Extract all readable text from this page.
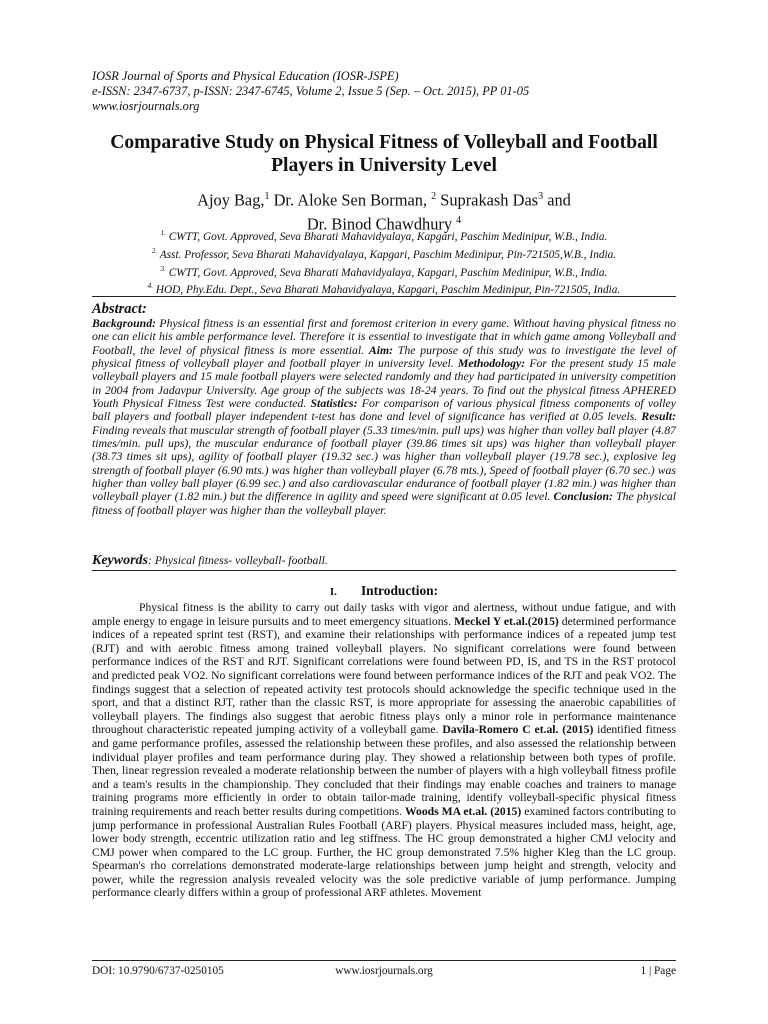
IOSR Journal of Sports and Physical Education (IOSR-JSPE)
e-ISSN: 2347-6737, p-ISSN: 2347-6745, Volume 2, Issue 5 (Sep. – Oct. 2015), PP 01-05
www.iosrjournals.org
Comparative Study on Physical Fitness of Volleyball and Football Players in University Level
Ajoy Bag,$^1$ Dr. Aloke Sen Borman, $^2$ Suprakash Das$^3$ and
Dr. Binod Chawdhury $^4$
$^{1.}$ CWTT, Govt. Approved, Seva Bharati Mahavidyalaya, Kapgari, Paschim Medinipur, W.B., India.
$^{2.}$ Asst. Professor, Seva Bharati Mahavidyalaya, Kapgari, Paschim Medinipur, Pin-721505,W.B., India.
$^{3.}$ CWTT, Govt. Approved, Seva Bharati Mahavidyalaya, Kapgari, Paschim Medinipur, W.B., India.
$^{4.}$ HOD, Phy.Edu. Dept., Seva Bharati Mahavidyalaya, Kapgari, Paschim Medinipur, Pin-721505, India.
Abstract:
Background: Physical fitness is an essential first and foremost criterion in every game. Without having physical fitness no one can elicit his amble performance level. Therefore it is essential to investigate that in which game among Volleyball and Football, the level of physical fitness is more essential. Aim: The purpose of this study was to investigate the level of physical fitness of volleyball player and football player in university level. Methodology: For the present study 15 male volleyball players and 15 male football players were selected randomly and they had participated in university competition in 2004 from Jadavpur University. Age group of the subjects was 18-24 years. To find out the physical fitness APHERED Youth Physical Fitness Test were conducted. Statistics: For comparison of various physical fitness components of volley ball players and football player independent t-test has done and level of significance has verified at 0.05 levels. Result: Finding reveals that muscular strength of football player (5.33 times/min. pull ups) was higher than volley ball player (4.87 times/min. pull ups), the muscular endurance of football player (39.86 times sit ups) was higher than volleyball player (38.73 times sit ups), agility of football player (19.32 sec.) was higher than volleyball player (19.78 sec.), explosive leg strength of football player (6.90 mts.) was higher than volleyball player (6.78 mts.), Speed of football player (6.70 sec.) was higher than volley ball player (6.99 sec.) and also cardiovascular endurance of football player (1.82 min.) was higher than volleyball player (1.82 min.) but the difference in agility and speed were significant at 0.05 level. Conclusion: The physical fitness of football player was higher than the volleyball player.
Keywords: Physical fitness- volleyball- football.
I. Introduction:

Physical fitness is the ability to carry out daily tasks with vigor and alertness, without undue fatigue, and with ample energy to engage in leisure pursuits and to meet emergency situations. Meckel Y et.al.(2015) determined performance indices of a repeated sprint test (RST), and examine their relationships with performance indices of a repeated jump test (RJT) and with aerobic fitness among trained volleyball players. No significant correlations were found between performance indices of the RST and RJT. Significant correlations were found between PD, IS, and TS in the RST protocol and predicted peak VO2. No significant correlations were found between performance indices of the RJT and peak VO2. The findings suggest that a selection of repeated activity test protocols should acknowledge the specific technique used in the sport, and that a distinct RJT, rather than the classic RST, is more appropriate for assessing the anaerobic capabilities of volleyball players. The findings also suggest that aerobic fitness plays only a minor role in performance maintenance throughout characteristic repeated jumping activity of a volleyball game. Davila-Romero C et.al. (2015) identified fitness and game performance profiles, assessed the relationship between these profiles, and also assessed the relationship between individual player profiles and team performance during play. They showed a relationship between both types of profile. Then, linear regression revealed a moderate relationship between the number of players with a high volleyball fitness profile and a team's results in the championship. They concluded that their findings may enable coaches and trainers to manage training programs more efficiently in order to obtain tailor-made training, identify volleyball-specific physical fitness training requirements and reach better results during competitions. Woods MA et.al. (2015) examined factors contributing to jump performance in professional Australian Rules Football (ARF) players. Physical measures included mass, height, age, lower body strength, eccentric utilization ratio and leg stiffness. The HC group demonstrated a higher CMJ velocity and CMJ power when compared to the LC group. Further, the HC group demonstrated 7.5% higher Kleg than the LC group. Spearman's rho correlations demonstrated moderate-large relationships between jump height and strength, velocity and power, while the regression analysis revealed velocity was the sole predictive variable of jump performance. Jumping performance clearly differs within a group of professional ARF athletes. Movement

DOI: 10.9790/6737-0250105	www.iosrjournals.org	1 | Page
